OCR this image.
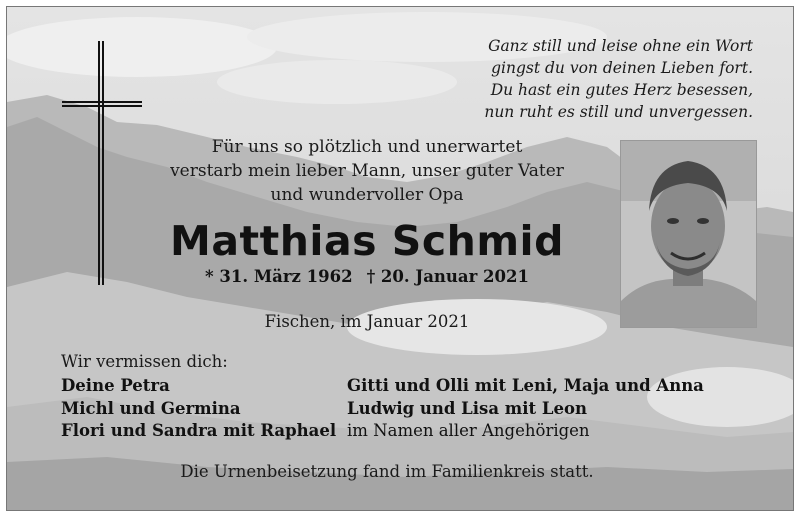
Ganz still und leise ohne ein Wort
gingst du von deinen Lieben fort.
Du hast ein gutes Herz besessen,
nun ruht es still und unvergessen.
Für uns so plötzlich und unerwartet
verstarb mein lieber Mann, unser guter Vater
und wundervoller Opa
Matthias Schmid
* 31. März 1962 † 20. Januar 2021
Fischen, im Januar 2021
Wir vermissen dich:
Deine Petra
Michl und Germina
Flori und Sandra mit Raphael
Gitti und Olli mit Leni, Maja und Anna
Ludwig und Lisa mit Leon
im Namen aller Angehörigen
Die Urnenbeisetzung fand im Familienkreis statt.
